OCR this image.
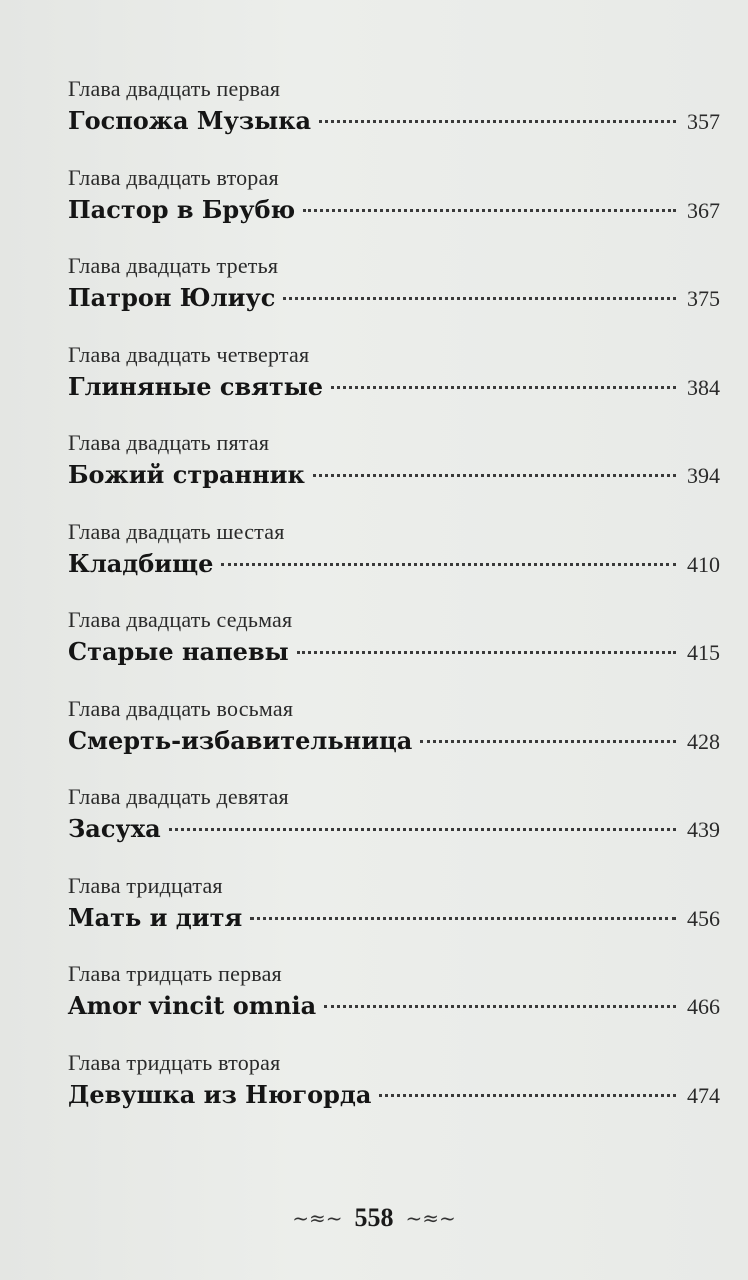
Глава двадцать первая
Госпожа Музыка	357
Глава двадцать вторая
Пастор в Брубю	367
Глава двадцать третья
Патрон Юлиус	375
Глава двадцать четвертая
Глиняные святые	384
Глава двадцать пятая
Божий странник	394
Глава двадцать шестая
Кладбище	410
Глава двадцать седьмая
Старые напевы	415
Глава двадцать восьмая
Смерть-избавительница	428
Глава двадцать девятая
Засуха	439
Глава тридцатая
Мать и дитя	456
Глава тридцать первая
Amor vincit omnia	466
Глава тридцать вторая
Девушка из Нюгорда	474
~≈~ 558 ~≈~
